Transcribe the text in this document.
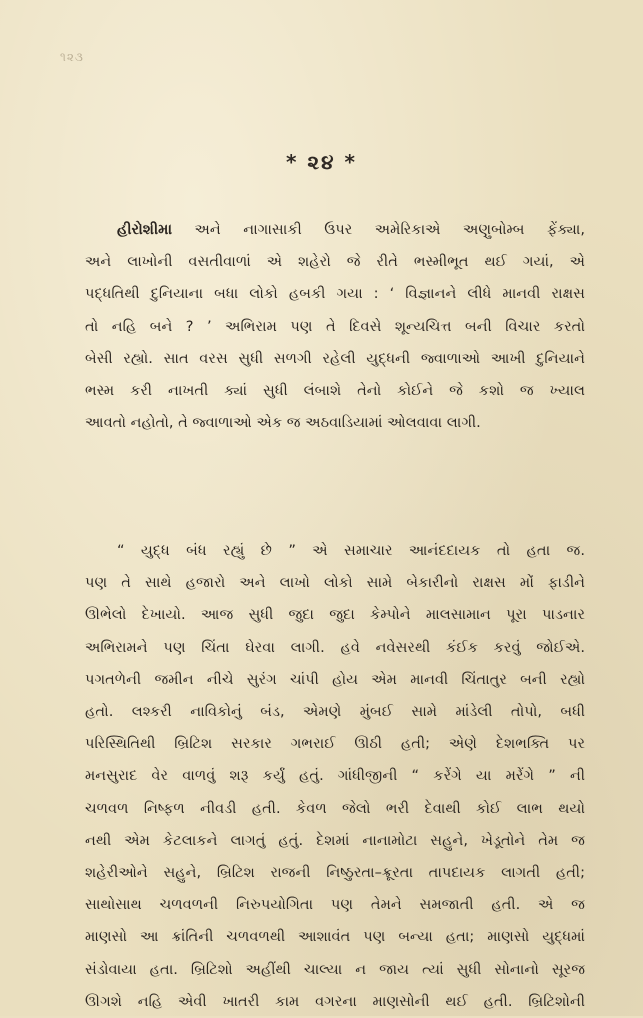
૧૨૩
* ૨૪ *
હીરોશીમા અને નાગાસાકી ઉપર અમેરિકાએ અણુબોમ્બ ફેંક્યા,
અને લાખોની વસતીવાળાં એ શહેરો જે રીતે ભસ્મીભૂત થઈ ગયાં, એ
પદ્ધતિથી દુનિયાના બધા લોકો હબકી ગયા : ‘ વિજ્ઞાનને લીધે માનવી રાક્ષસ
તો નહિ બને ? ’ અભિરામ પણ તે દિવસે શૂન્યચિત્ત બની વિચાર કરતો
બેસી રહ્યો. સાત વરસ સુધી સળગી રહેલી યુદ્ધની જ્વાળાઓ આખી દુનિયાને
ભસ્મ કરી નાખતી ક્યાં સુધી લંબાશે તેનો કોઈને જે કશો જ ખ્યાલ
આવતો નહોતો, તે જ્વાળાઓ એક જ અઠવાડિયામાં ઓલવાવા લાગી.
“ યુદ્ધ બંધ રહ્યું છે ” એ સમાચાર આનંદદાયક તો હતા જ.
પણ તે સાથે હજારો અને લાખો લોકો સામે બેકારીનો રાક્ષસ મોં ફાડીને
ઊભેલો દેખાયો. આજ સુધી જુદા જુદા કેમ્પોને માલસામાન પૂરા પાડનાર
અભિરામને પણ ચિંતા ઘેરવા લાગી. હવે નવેસરથી કંઈક કરવું જોઈએ.
પગતળેની જમીન નીચે સુરંગ ચાંપી હોય એમ માનવી ચિંતાતુર બની રહ્યો
હતો. લશ્કરી નાવિકોનું બંડ, એમણે મુંબઈ સામે માંડેલી તોપો, બધી
પરિસ્થિતિથી બ્રિટિશ સરકાર ગભરાઈ ઊઠી હતી; એણે દેશભક્તિ પર
મનસુરાદ વેર વાળવું શરૂ કર્યું હતું. ગાંધીજીની “ કરેંગે યા મરેંગે ” ની
ચળવળ નિષ્ફળ નીવડી હતી. કેવળ જેલો ભરી દેવાથી કોઈ લાભ થયો
નથી એમ કેટલાકને લાગતું હતું. દેશમાં નાનામોટા સહુને, ખેડૂતોને તેમ જ
શહેરીઓને સહુને, બ્રિટિશ રાજની નિષ્ઠુરતા–ક્રૂરતા તાપદાયક લાગતી હતી;
સાથોસાથ ચળવળની નિરુપયોગિતા પણ તેમને સમજાતી હતી. એ જ
માણસો આ ક્રાંતિની ચળવળથી આશાવંત પણ બન્યા હતા; માણસો યુદ્ધમાં
સંડોવાયા હતા. બ્રિટિશો અહીંથી ચાલ્યા ન જાય ત્યાં સુધી સોનાનો સૂરજ
ઊગશે નહિ એવી ખાતરી કામ વગરના માણસોની થઈ હતી. બ્રિટિશોની
